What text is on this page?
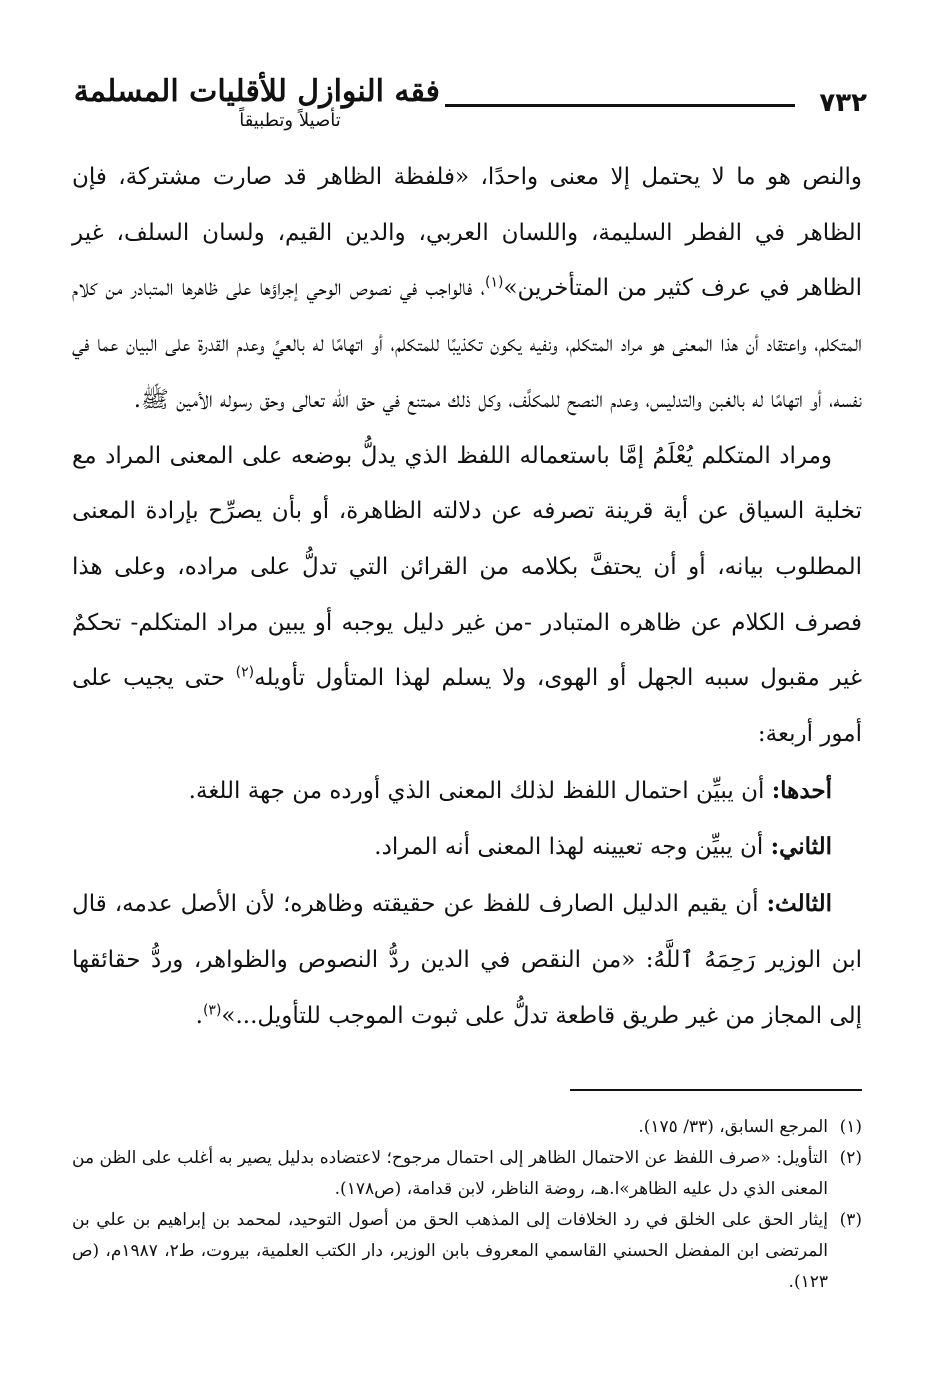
٧٣٢
فقه النوازل للأقليات المسلمة
تأصيلاً وتطبيقاً

والنص هو ما لا يحتمل إلا معنى واحدًا، «فلفظة الظاهر قد صارت مشتركة، فإن الظاهر في الفطر السليمة، واللسان العربي، والدين القيم، ولسان السلف، غير الظاهر في عرف كثير من المتأخرين»$^{(١)}$، فالواجب في نصوص الوحي إجراؤها على ظاهرها المتبادر من كلام المتكلم، واعتقاد أن هذا المعنى هو مراد المتكلم، ونفيه يكون تكذيبًا للمتكلم، أو اتهامًا له بالعيِّ وعدم القدرة على البيان عما في نفسه، أو اتهامًا له بالغبن والتدليس، وعدم النصح للمكلَّف، وكل ذلك ممتنع في حق الله تعالى وحق رسوله الأمين ﷺ.

ومراد المتكلم يُعْلَمُ إمَّا باستعماله اللفظ الذي يدلُّ بوضعه على المعنى المراد مع تخلية السياق عن أية قرينة تصرفه عن دلالته الظاهرة، أو بأن يصرِّح بإرادة المعنى المطلوب بيانه، أو أن يحتفَّ بكلامه من القرائن التي تدلُّ على مراده، وعلى هذا فصرف الكلام عن ظاهره المتبادر -من غير دليل يوجبه أو يبين مراد المتكلم- تحكمٌ غير مقبول سببه الجهل أو الهوى، ولا يسلم لهذا المتأول تأويله$^{(٢)}$ حتى يجيب على أمور أربعة:

أحدها: أن يبيِّن احتمال اللفظ لذلك المعنى الذي أورده من جهة اللغة.

الثاني: أن يبيِّن وجه تعيينه لهذا المعنى أنه المراد.

الثالث: أن يقيم الدليل الصارف للفظ عن حقيقته وظاهره؛ لأن الأصل عدمه، قال ابن الوزير رَحِمَهُ ٱللَّهُ: «من النقص في الدين ردُّ النصوص والظواهر، وردُّ حقائقها إلى المجاز من غير طريق قاطعة تدلُّ على ثبوت الموجب للتأويل...»$^{(٣)}$.

(١)
المرجع السابق، (٣٣/ ١٧٥).
(٢)
التأويل: «صرف اللفظ عن الاحتمال الظاهر إلى احتمال مرجوح؛ لاعتضاده بدليل يصير به أغلب على الظن من المعنى الذي دل عليه الظاهر»ا.هـ، روضة الناظر، لابن قدامة، (ص١٧٨).
(٣)
إيثار الحق على الخلق في رد الخلافات إلى المذهب الحق من أصول التوحيد، لمحمد بن إبراهيم بن علي بن المرتضى ابن المفضل الحسني القاسمي المعروف بابن الوزير، دار الكتب العلمية، بيروت، ط٢، ١٩٨٧م، (ص ١٢٣).
